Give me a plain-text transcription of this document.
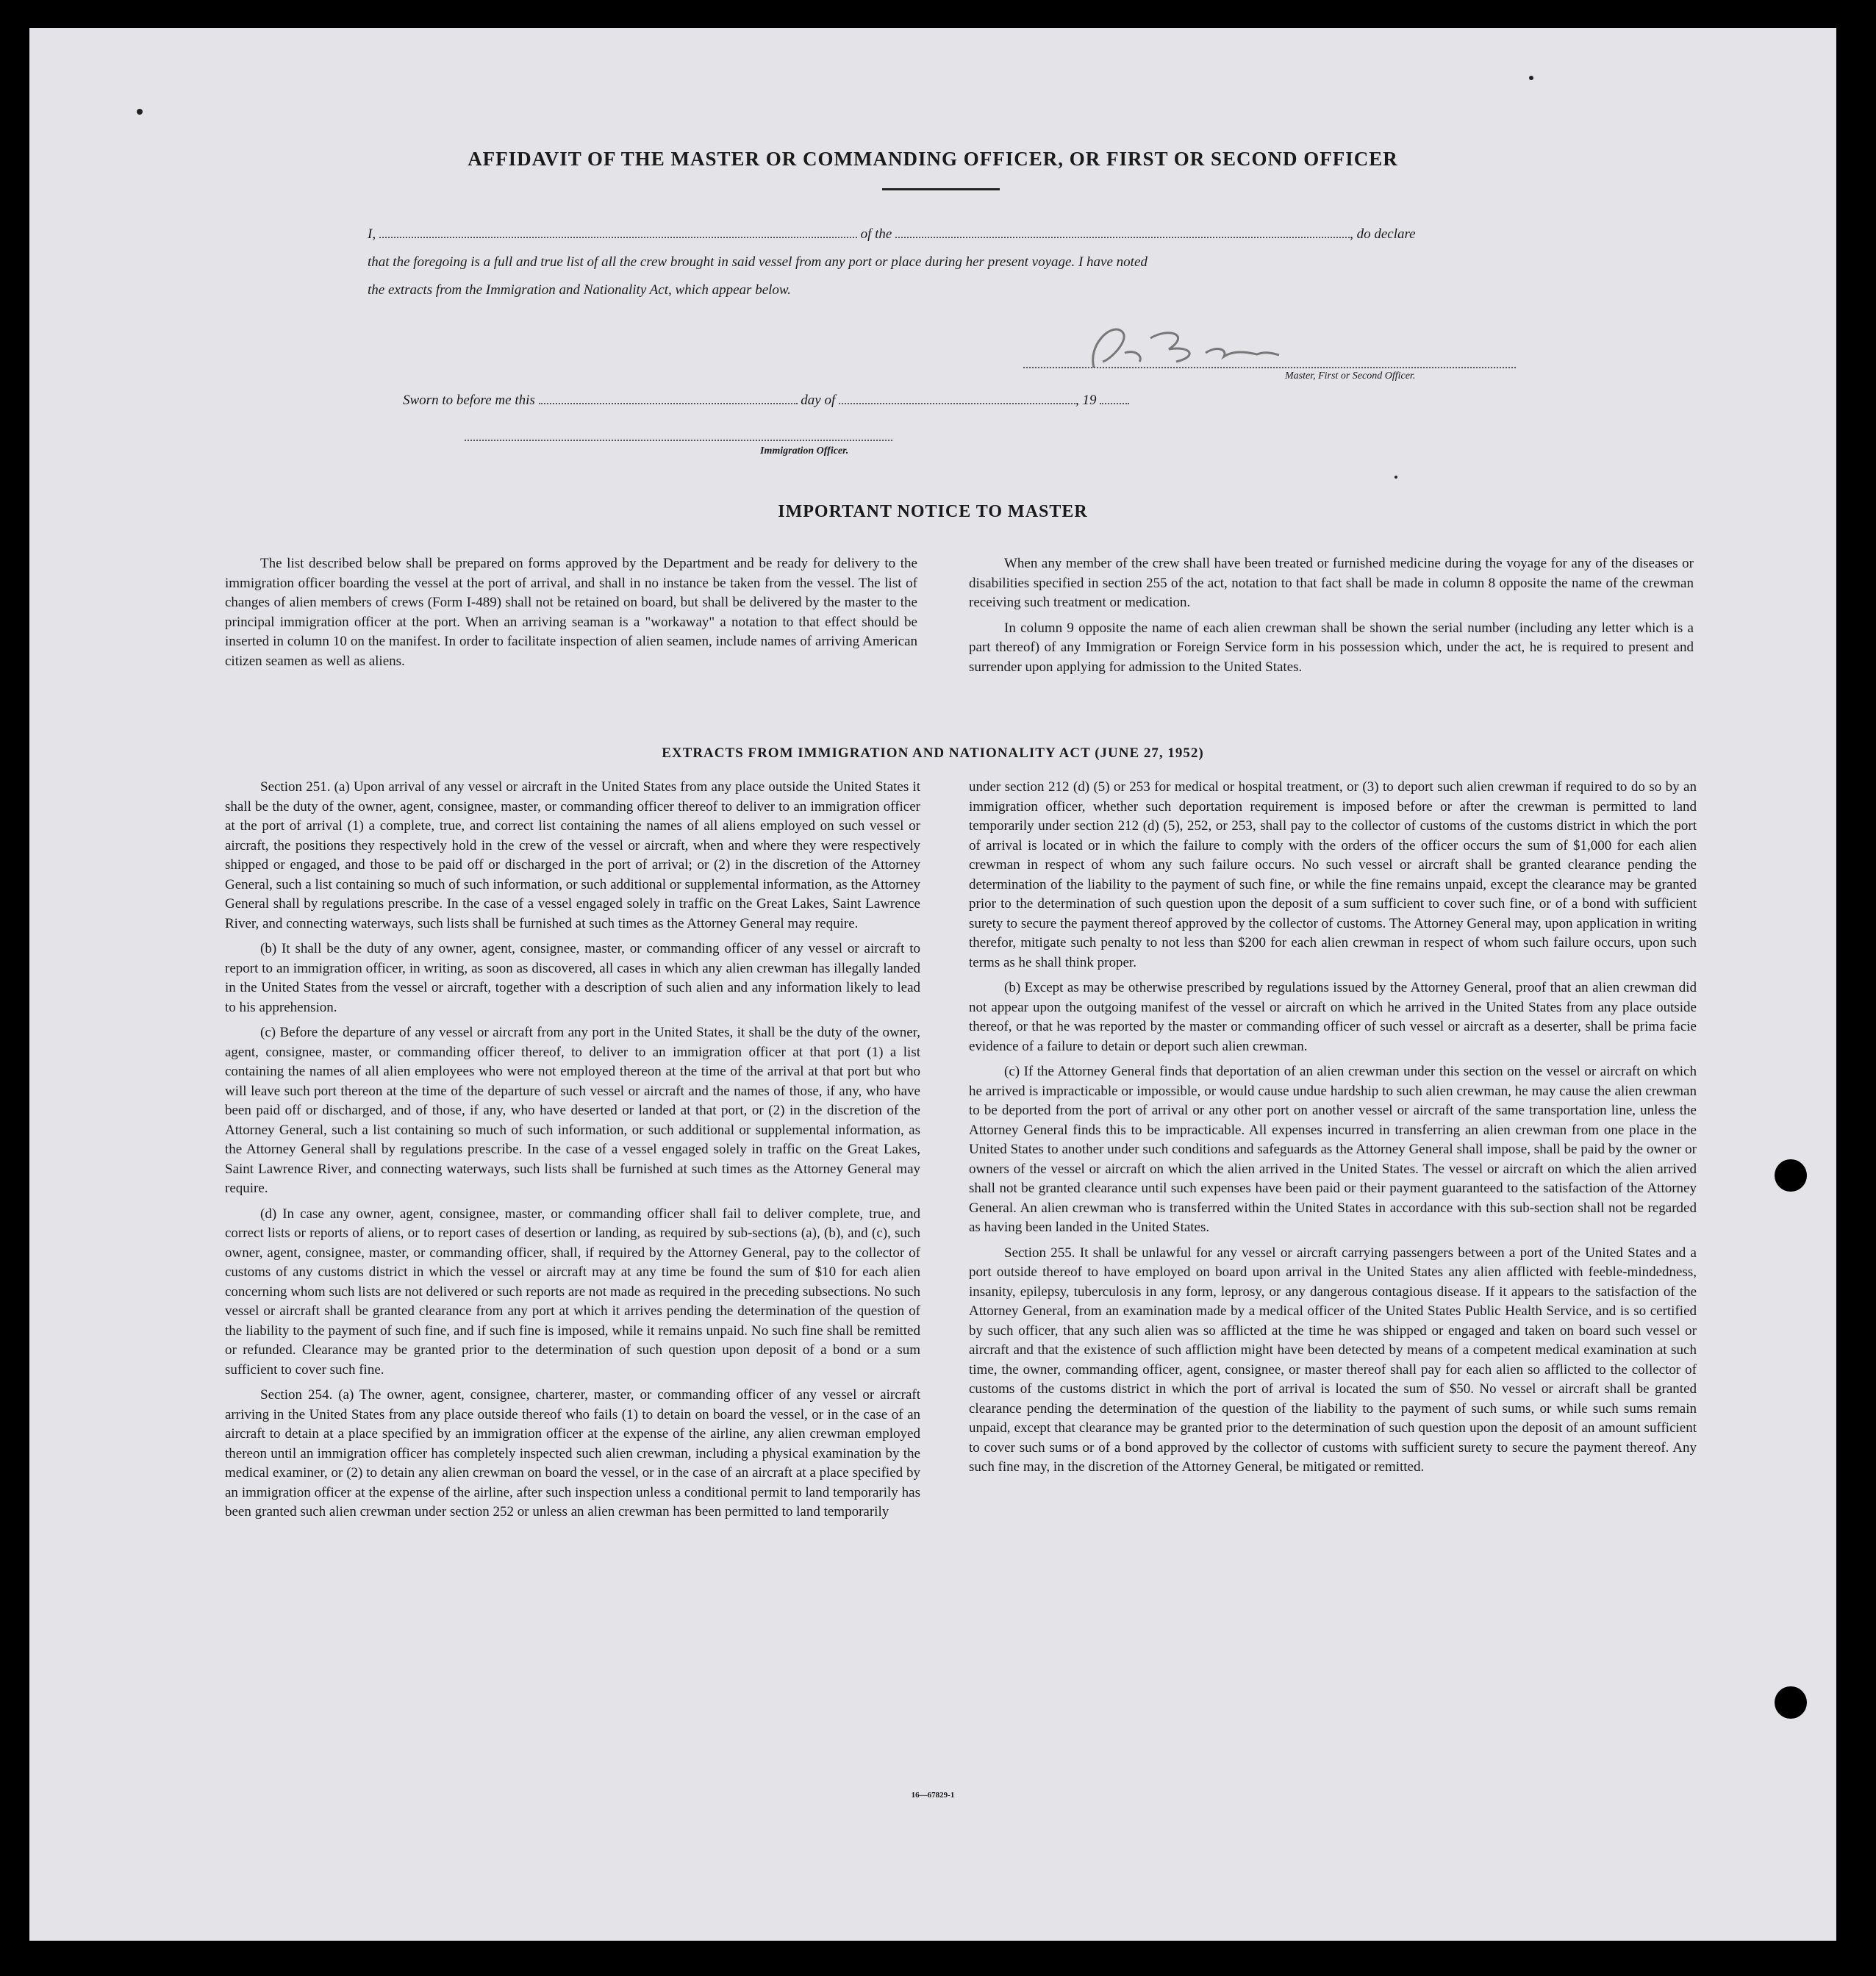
AFFIDAVIT OF THE MASTER OR COMMANDING OFFICER, OR FIRST OR SECOND OFFICER
I,	of the	, do declare
that the foregoing is a full and true list of all the crew brought in said vessel from any port or place during her present voyage. I have noted
the extracts from the Immigration and Nationality Act, which appear below.
Master, First or Second Officer.
Sworn to before me this	day of	, 19
Immigration Officer.
IMPORTANT NOTICE TO MASTER

The list described below shall be prepared on forms approved by the Department and be ready for delivery to the immigration officer boarding the vessel at the port of arrival, and shall in no instance be taken from the vessel. The list of changes of alien members of crews (Form I-489) shall not be retained on board, but shall be delivered by the master to the principal immigration officer at the port. When an arriving seaman is a "workaway" a notation to that effect should be inserted in column 10 on the manifest. In order to facilitate inspection of alien seamen, include names of arriving American citizen seamen as well as aliens.

When any member of the crew shall have been treated or furnished medicine during the voyage for any of the diseases or disabilities specified in section 255 of the act, notation to that fact shall be made in column 8 opposite the name of the crewman receiving such treatment or medication.

In column 9 opposite the name of each alien crewman shall be shown the serial number (including any letter which is a part thereof) of any Immigration or Foreign Service form in his possession which, under the act, he is required to present and surrender upon applying for admission to the United States.

EXTRACTS FROM IMMIGRATION AND NATIONALITY ACT (JUNE 27, 1952)

Section 251. (a) Upon arrival of any vessel or aircraft in the United States from any place outside the United States it shall be the duty of the owner, agent, consignee, master, or commanding officer thereof to deliver to an immigration officer at the port of arrival (1) a complete, true, and correct list containing the names of all aliens employed on such vessel or aircraft, the positions they respectively hold in the crew of the vessel or aircraft, when and where they were respectively shipped or engaged, and those to be paid off or discharged in the port of arrival; or (2) in the discretion of the Attorney General, such a list containing so much of such information, or such additional or supplemental information, as the Attorney General shall by regulations prescribe. In the case of a vessel engaged solely in traffic on the Great Lakes, Saint Lawrence River, and connecting waterways, such lists shall be furnished at such times as the Attorney General may require.

(b) It shall be the duty of any owner, agent, consignee, master, or commanding officer of any vessel or aircraft to report to an immigration officer, in writing, as soon as discovered, all cases in which any alien crewman has illegally landed in the United States from the vessel or aircraft, together with a description of such alien and any information likely to lead to his apprehension.

(c) Before the departure of any vessel or aircraft from any port in the United States, it shall be the duty of the owner, agent, consignee, master, or commanding officer thereof, to deliver to an immigration officer at that port (1) a list containing the names of all alien employees who were not employed thereon at the time of the arrival at that port but who will leave such port thereon at the time of the departure of such vessel or aircraft and the names of those, if any, who have been paid off or discharged, and of those, if any, who have deserted or landed at that port, or (2) in the discretion of the Attorney General, such a list containing so much of such information, or such additional or supplemental information, as the Attorney General shall by regulations prescribe. In the case of a vessel engaged solely in traffic on the Great Lakes, Saint Lawrence River, and connecting waterways, such lists shall be furnished at such times as the Attorney General may require.

(d) In case any owner, agent, consignee, master, or commanding officer shall fail to deliver complete, true, and correct lists or reports of aliens, or to report cases of desertion or landing, as required by sub-sections (a), (b), and (c), such owner, agent, consignee, master, or commanding officer, shall, if required by the Attorney General, pay to the collector of customs of any customs district in which the vessel or aircraft may at any time be found the sum of $10 for each alien concerning whom such lists are not delivered or such reports are not made as required in the preceding subsections. No such vessel or aircraft shall be granted clearance from any port at which it arrives pending the determination of the question of the liability to the payment of such fine, and if such fine is imposed, while it remains unpaid. No such fine shall be remitted or refunded. Clearance may be granted prior to the determination of such question upon deposit of a bond or a sum sufficient to cover such fine.

Section 254. (a) The owner, agent, consignee, charterer, master, or commanding officer of any vessel or aircraft arriving in the United States from any place outside thereof who fails (1) to detain on board the vessel, or in the case of an aircraft to detain at a place specified by an immigration officer at the expense of the airline, any alien crewman employed thereon until an immigration officer has completely inspected such alien crewman, including a physical examination by the medical examiner, or (2) to detain any alien crewman on board the vessel, or in the case of an aircraft at a place specified by an immigration officer at the expense of the airline, after such inspection unless a conditional permit to land temporarily has been granted such alien crewman under section 252 or unless an alien crewman has been permitted to land temporarily

under section 212 (d) (5) or 253 for medical or hospital treatment, or (3) to deport such alien crewman if required to do so by an immigration officer, whether such deportation requirement is imposed before or after the crewman is permitted to land temporarily under section 212 (d) (5), 252, or 253, shall pay to the collector of customs of the customs district in which the port of arrival is located or in which the failure to comply with the orders of the officer occurs the sum of $1,000 for each alien crewman in respect of whom any such failure occurs. No such vessel or aircraft shall be granted clearance pending the determination of the liability to the payment of such fine, or while the fine remains unpaid, except the clearance may be granted prior to the determination of such question upon the deposit of a sum sufficient to cover such fine, or of a bond with sufficient surety to secure the payment thereof approved by the collector of customs. The Attorney General may, upon application in writing therefor, mitigate such penalty to not less than $200 for each alien crewman in respect of whom such failure occurs, upon such terms as he shall think proper.

(b) Except as may be otherwise prescribed by regulations issued by the Attorney General, proof that an alien crewman did not appear upon the outgoing manifest of the vessel or aircraft on which he arrived in the United States from any place outside thereof, or that he was reported by the master or commanding officer of such vessel or aircraft as a deserter, shall be prima facie evidence of a failure to detain or deport such alien crewman.

(c) If the Attorney General finds that deportation of an alien crewman under this section on the vessel or aircraft on which he arrived is impracticable or impossible, or would cause undue hardship to such alien crewman, he may cause the alien crewman to be deported from the port of arrival or any other port on another vessel or aircraft of the same transportation line, unless the Attorney General finds this to be impracticable. All expenses incurred in transferring an alien crewman from one place in the United States to another under such conditions and safeguards as the Attorney General shall impose, shall be paid by the owner or owners of the vessel or aircraft on which the alien arrived in the United States. The vessel or aircraft on which the alien arrived shall not be granted clearance until such expenses have been paid or their payment guaranteed to the satisfaction of the Attorney General. An alien crewman who is transferred within the United States in accordance with this sub-section shall not be regarded as having been landed in the United States.

Section 255. It shall be unlawful for any vessel or aircraft carrying passengers between a port of the United States and a port outside thereof to have employed on board upon arrival in the United States any alien afflicted with feeble-mindedness, insanity, epilepsy, tuberculosis in any form, leprosy, or any dangerous contagious disease. If it appears to the satisfaction of the Attorney General, from an examination made by a medical officer of the United States Public Health Service, and is so certified by such officer, that any such alien was so afflicted at the time he was shipped or engaged and taken on board such vessel or aircraft and that the existence of such affliction might have been detected by means of a competent medical examination at such time, the owner, commanding officer, agent, consignee, or master thereof shall pay for each alien so afflicted to the collector of customs of the customs district in which the port of arrival is located the sum of $50. No vessel or aircraft shall be granted clearance pending the determination of the question of the liability to the payment of such sums, or while such sums remain unpaid, except that clearance may be granted prior to the determination of such question upon the deposit of an amount sufficient to cover such sums or of a bond approved by the collector of customs with sufficient surety to secure the payment thereof. Any such fine may, in the discretion of the Attorney General, be mitigated or remitted.

16—67829-1
